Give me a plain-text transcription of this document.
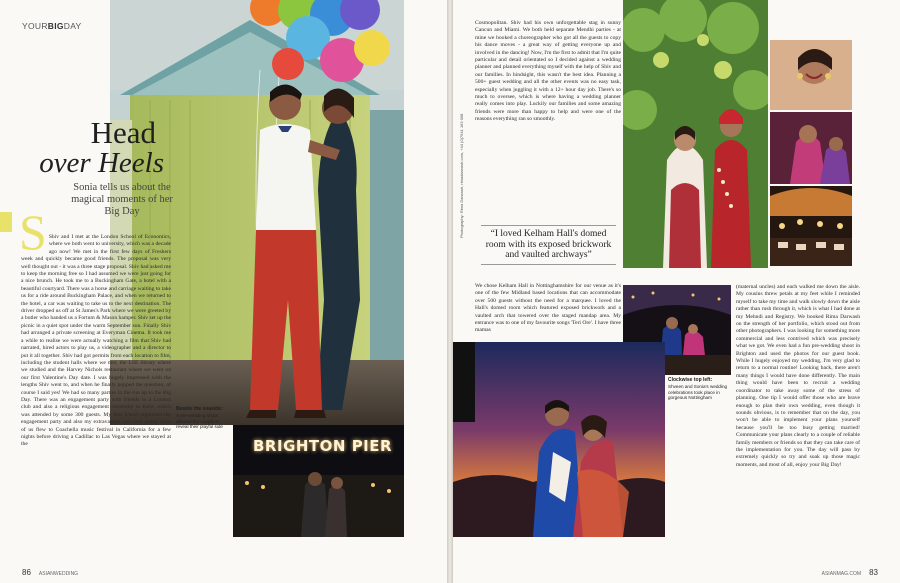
YOURBIGDAY
Head
over Heels
Sonia tells us about the magical moments of her Big Day
S Shiv and I met at the London School of Economics, where we both went to university, which was a decade ago now! We met in the first few days of Freshers week and quickly became good friends. The proposal was very well thought out - it was a three stage proposal. Shiv had asked me to keep the morning free so I had assumed we were just going for a nice brunch. He took me to a Buckingham Gate, a hotel with a beautiful courtyard. There was a horse and carriage waiting to take us for a ride around Buckingham Palace, and when we returned to the hotel, a car was waiting to take us to the next destination. The driver dropped us off at St James's Park where we were greeted by a butler who handed us a Fortum & Mason hamper. Shiv set up the picnic in a quiet spot under the warm September sun. Finally Shiv had arranged a private screening at Everyman Cinema. It took me a while to realise we were actually watching a film that Shiv had narrated, hired actors to play us, a videographer and a director to put it all together. Shiv had got permits from each location to film, including the student halls where we met, the LSE library where we studied and the Harvey Nichols restaurant where we went on our first Valentine's Day date. I was hugely impressed with the lengths Shiv went to, and when he finally popped the question, of course I said yes! We had so many parties in the run up to the Big Day. There was an engagement party with friends in a London club and also a religious engagement ceremony in Kent, which was attended by some 300 guests. My best friend organised the engagement party and also my extravagant, epic hen where eight of us flew to Coachella music festival in California for a few nights before driving a Cadillac to Las Vegas where we stayed at the
Beside the seaside:
A pre-wedding shoot allowed the couple to reveal their playful side
BRIGHTON PIER
86 ASIANWEDDING
Photography: Rima Darwash, rimadarwash.com, +44 (0)7941 163 068
Cosmopolitan. Shiv had his own unforgettable stag in sunny Cancun and Miami. We both held separate Mendhi parties - at mine we booked a choreographer who got all the guests to copy his dance moves - a great way of getting everyone up and involved in the dancing! Now, I'm the first to admit that I'm quite particular and detail orientated so I decided against a wedding planner and planned everything myself with the help of Shiv and our families. In hindsight, this wasn't the best idea. Planning a 500+ guest wedding and all the other events was no easy task, especially when juggling it with a 12+ hour day job. There's so much to oversee, which is where having a wedding planner really comes into play. Luckily our families and some amazing friends were more than happy to help and were one of the reasons everything ran so smoothly.
“I loved Kelham Hall's domed room with its exposed brickwork and vaulted archways”
We chose Kelham Hall in Nottinghamshire for our venue as it's one of the few Midland based locations that can accommodate over 500 guests without the need for a marquee. I loved the Hall's domed room which featured exposed brickwork and a vaulted arch that towered over the staged mandap area. My entrance was to one of my favourite songs 'Teri Ore'. I have three mamas
Clockwise top left:
Shveen and Sonia's wedding celebrations took place in gorgeous Nottingham
(maternal uncles) and each walked me down the aisle. My cousins threw petals at my feet while I reminded myself to take my time and walk slowly down the aisle rather than rush through it, which is what I had done at my Mehndi and Registry. We booked Rima Darwash on the strength of her portfolio, which stood out from other photographers. I was looking for something more commercial and less contrived which was precisely what we got. We even had a fun pre-wedding shoot in Brighton and used the photos for our guest book. While I hugely enjoyed my wedding, I'm very glad to return to a normal routine! Looking back, there aren't many things I would have done differently. The main thing would have been to recruit a wedding coordinator to take away some of the stress of planning. One tip I would offer those who are brave enough to plan their own wedding, even though it sounds obvious, is to remember that on the day, you won't be able to implement your plans yourself because you'll be too busy getting married! Communicate your plans clearly to a couple of reliable family members or friends so that they can take care of the implementation for you. The day will pass by extremely quickly so try and soak up those magic moments, and most of all, enjoy your Big Day!
ASIANMAG.COM 83
